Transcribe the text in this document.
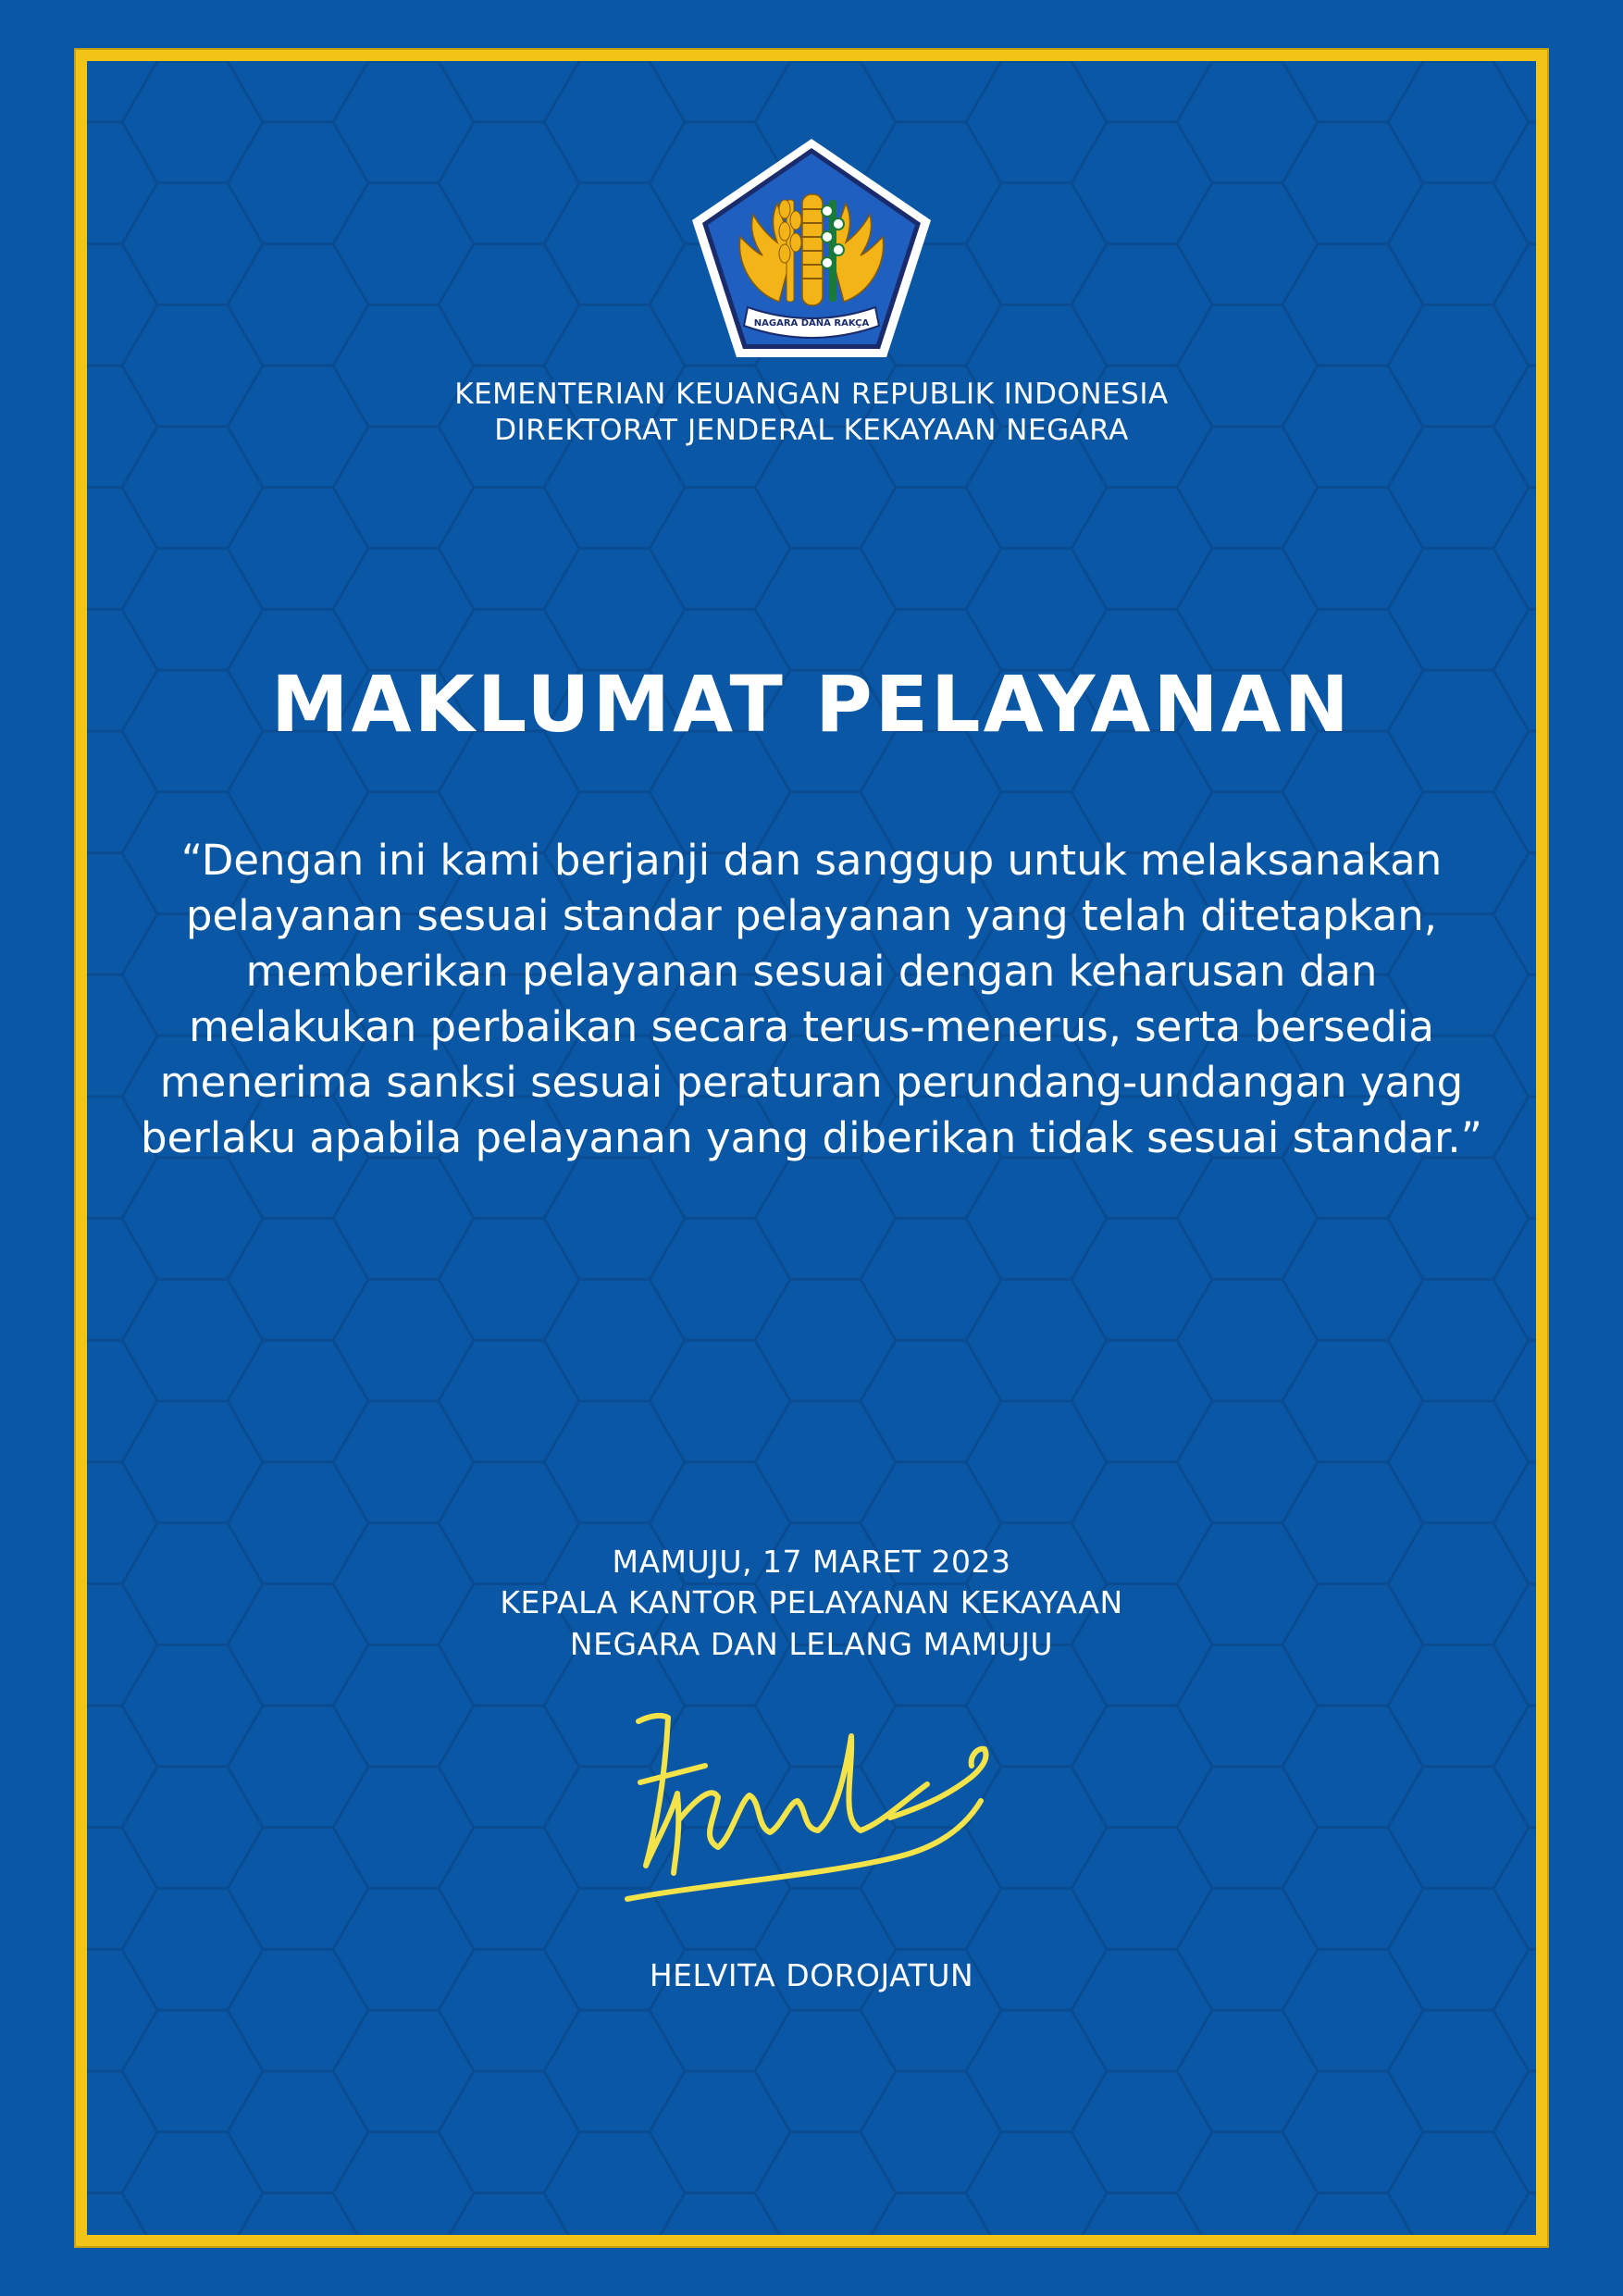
NAGARA DANA RAKÇA
KEMENTERIAN KEUANGAN REPUBLIK INDONESIA
DIREKTORAT JENDERAL KEKAYAAN NEGARA
MAKLUMAT PELAYANAN
“Dengan ini kami berjanji dan sanggup untuk melaksanakan
pelayanan sesuai standar pelayanan yang telah ditetapkan,
memberikan pelayanan sesuai dengan keharusan dan
melakukan perbaikan secara terus-menerus, serta bersedia
menerima sanksi sesuai peraturan perundang-undangan yang
berlaku apabila pelayanan yang diberikan tidak sesuai standar.”
MAMUJU, 17 MARET 2023
KEPALA KANTOR PELAYANAN KEKAYAAN
NEGARA DAN LELANG MAMUJU
HELVITA DOROJATUN
